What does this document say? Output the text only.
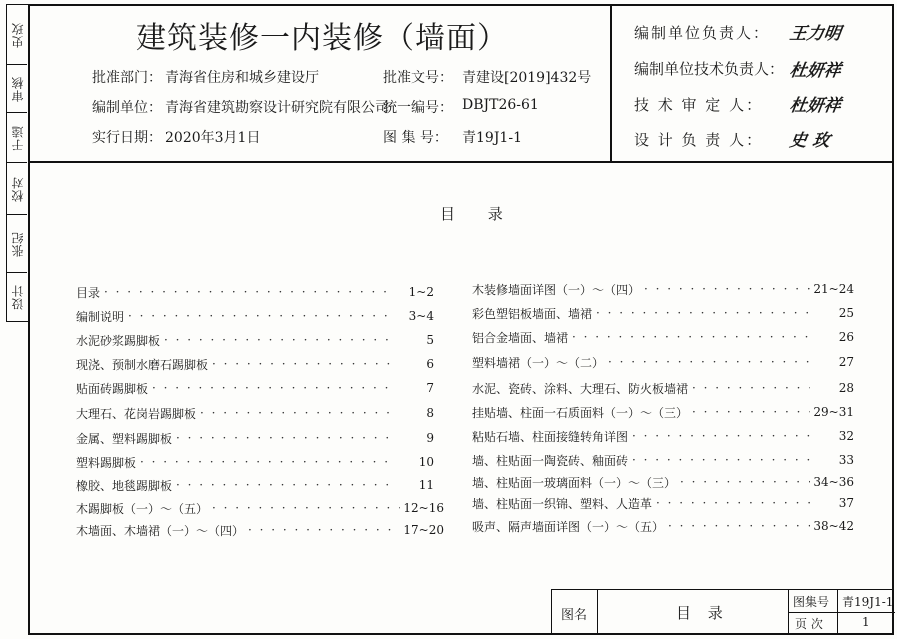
史玫
审核
于逵
校对
张纪
设计
建筑装修一内装修（墙面）
批准部门： 青海省住房和城乡建设厅	批准文号： 青建设[2019]432号
编制单位： 青海省建筑勘察设计研究院有限公司
统一编号： DBJT26-61
实行日期： 2020年3月1日	图 集 号： 青19J1-1
编制单位负责人： 王力明
编制单位技术负责人： 杜妍祥
技 术 审 定 人： 杜妍祥
设 计 负 责 人： 史 玫
目 录
目录 · · ·	1~2
编制说明 · · ·	3~4
水泥砂浆踢脚板 · · ·	5
现浇、预制水磨石踢脚板 · · ·	6
贴面砖踢脚板 · · ·	7
大理石、花岗岩踢脚板 · · ·	8
金属、塑料踢脚板 · · ·	9
塑料踢脚板 · · ·	10
橡胶、地毯踢脚板 · · ·	11
木踢脚板（一）～（五） · · ·	12~16
木墙面、木墙裙（一）～（四） · · ·	17~20
木装修墙面详图（一）～（四） · · ·	21~24
彩色塑铝板墙面、墙裙 · · ·	25
铝合金墙面、墙裙 · · ·	26
塑料墙裙（一）～（二） · · ·	27
水泥、瓷砖、涂料、大理石、防火板墙裙 · · ·	28
挂贴墙、柱面一石质面料（一）～（三） · · ·	29~31
粘贴石墙、柱面接缝转角详图 · · ·	32
墙、柱贴面一陶瓷砖、釉面砖 · · ·	33
墙、柱贴面一玻璃面料（一）～（三） · · ·	34~36
墙、柱贴面一织锦、塑料、人造革 · · ·	37
吸声、隔声墙面详图（一）～（五） · · ·	38~42
图名	目 录
图集号 青19J1-1
页 次	1
